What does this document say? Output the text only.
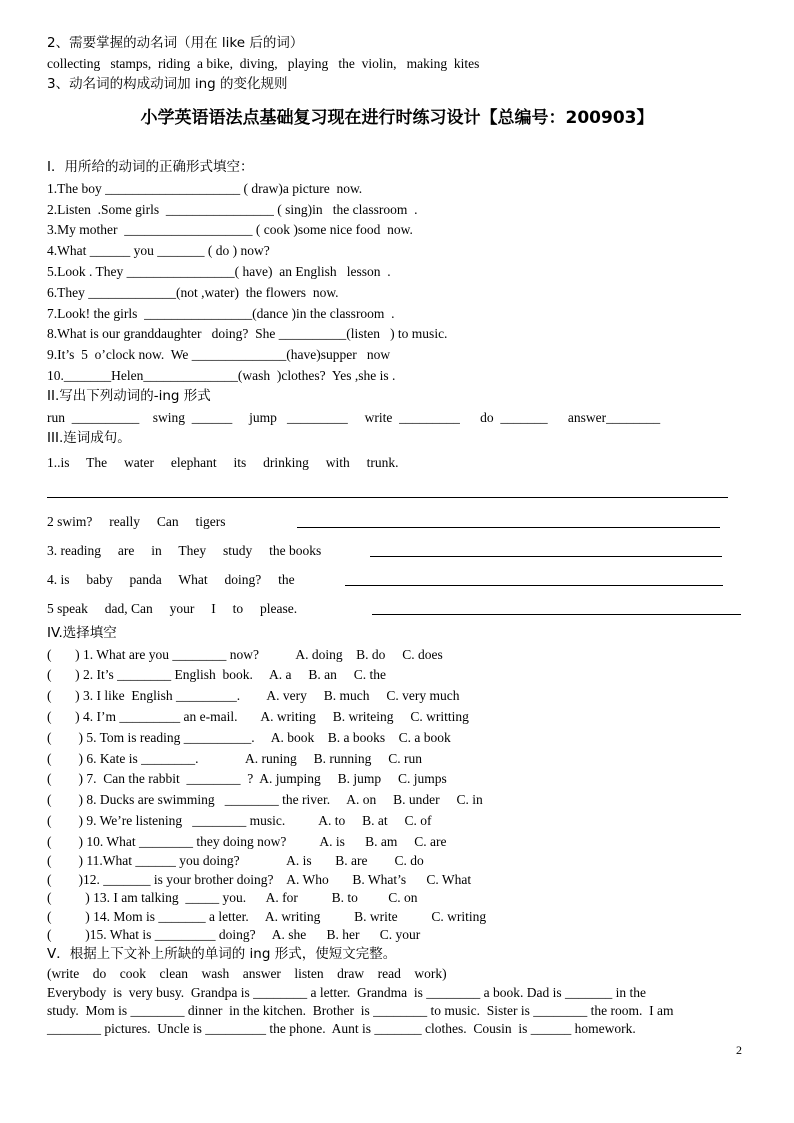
2、需要掌握的动名词（用在 like 后的词）
collecting   stamps,  riding  a bike,  diving,   playing   the  violin,   making  kites
3、动名词的构成动词加 ing 的变化规则
小学英语语法点基础复习现在进行时练习设计【总编号：200903】
I．用所给的动词的正确形式填空：
1.The boy ____________________ ( draw)a picture  now.
2.Listen  .Some girls  ________________ ( sing)in   the classroom  .
3.My mother  ___________________ ( cook )some nice food  now.
4.What ______ you _______ ( do ) now?
5.Look . They ________________( have)  an English   lesson  .
6.They _____________(not ,water)  the flowers  now.
7.Look! the girls  ________________(dance )in the classroom  .
8.What is our granddaughter   doing?  She __________(listen   ) to music.
9.It’s  5  o’clock now.  We ______________(have)supper   now
10._______Helen______________(wash  )clothes?  Yes ,she is .
II.写出下列动词的-ing 形式
run  __________    swing  ______     jump   _________     write  _________      do  _______      answer________
III.连词成句。
1..is     The     water     elephant     its     drinking     with     trunk.
2 swim?     really     Can     tigers
3. reading     are     in     They     study     the books
4. is     baby     panda     What     doing?     the
5 speak     dad, Can     your     I     to     please.
IV.选择填空
(       ) 1. What are you ________ now?           A. doing    B. do     C. does
(       ) 2. It’s ________ English  book.     A. a     B. an     C. the
(       ) 3. I like  English _________.        A. very     B. much     C. very much
(       ) 4. I’m _________ an e-mail.       A. writing     B. writeing     C. writting
(        ) 5. Tom is reading __________.     A. book    B. a books    C. a book
(        ) 6. Kate is ________.              A. runing     B. running     C. run
(        ) 7.  Can the rabbit  ________  ?  A. jumping     B. jump     C. jumps
(        ) 8. Ducks are swimming   ________ the river.     A. on     B. under     C. in
(        ) 9. We’re listening   ________ music.          A. to     B. at     C. of
(        ) 10. What ________ they doing now?          A. is      B. am     C. are
(        ) 11.What ______ you doing?              A. is       B. are        C. do
(        )12. _______ is your brother doing?    A. Who       B. What’s      C. What
(          ) 13. I am talking  _____ you.      A. for          B. to         C. on
(          ) 14. Mom is _______ a letter.     A. writing          B. write          C. writing
(          )15. What is _________ doing?     A. she      B. her      C. your
V．根据上下文补上所缺的单词的 ing 形式，使短文完整。
(write    do    cook    clean    wash    answer    listen    draw    read    work)
Everybody  is  very busy.  Grandpa is ________ a letter.  Grandma  is ________ a book. Dad is _______ in the
study.  Mom is ________ dinner  in the kitchen.  Brother  is ________ to music.  Sister is ________ the room.  I am
________ pictures.  Uncle is _________ the phone.  Aunt is _______ clothes.  Cousin  is ______ homework.
2
